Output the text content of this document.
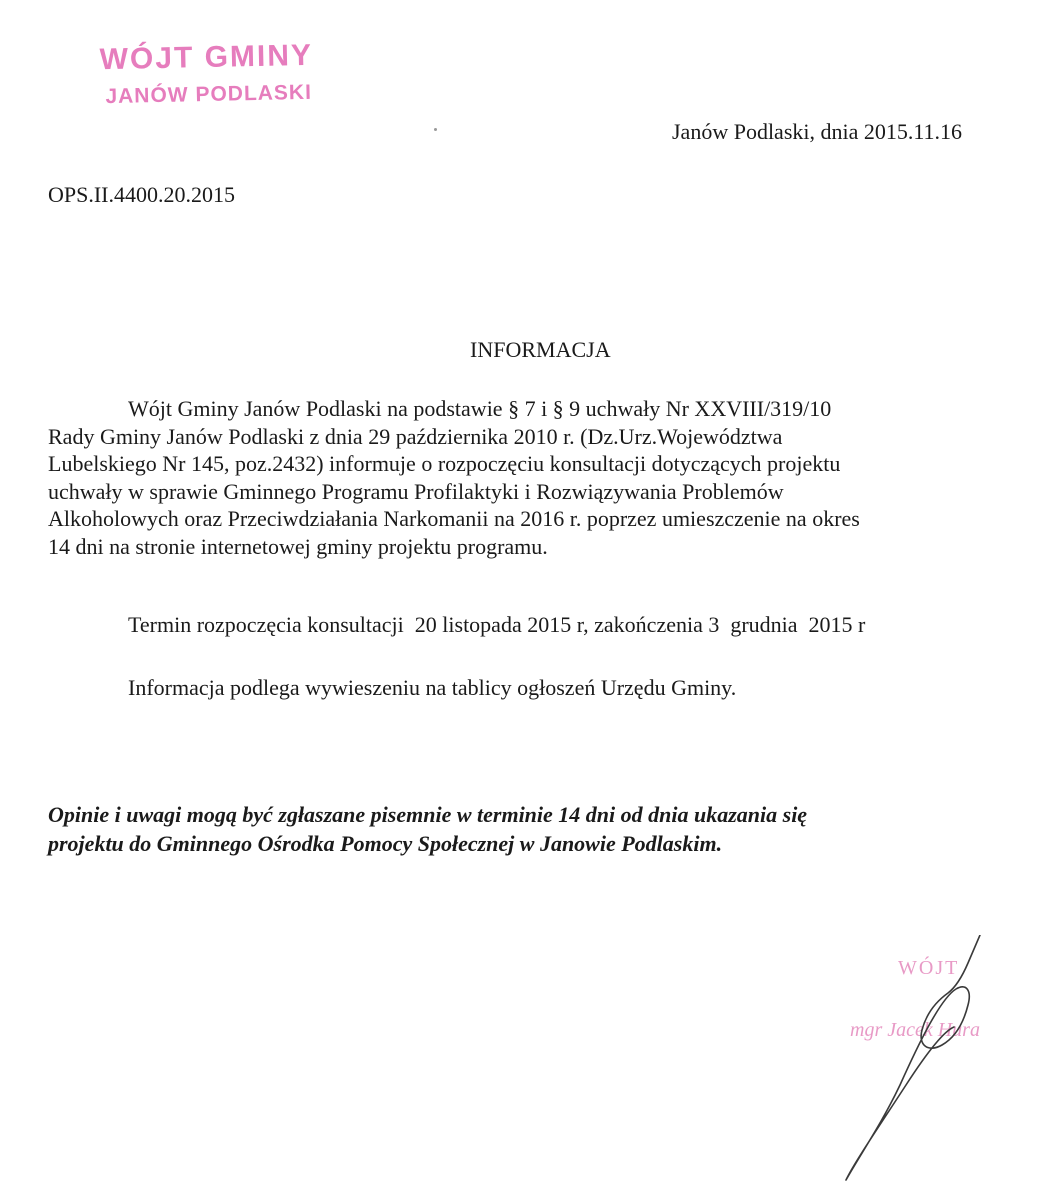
WÓJT GMINY
JANÓW PODLASKI
Janów Podlaski, dnia 2015.11.16
OPS.II.4400.20.2015
INFORMACJA
Wójt Gminy Janów Podlaski na podstawie § 7 i § 9 uchwały Nr XXVIII/319/10
Rady Gminy Janów Podlaski z dnia 29 października 2010 r. (Dz.Urz.Województwa
Lubelskiego Nr 145, poz.2432) informuje o rozpoczęciu konsultacji dotyczących projektu
uchwały w sprawie Gminnego Programu Profilaktyki i Rozwiązywania Problemów
Alkoholowych oraz Przeciwdziałania Narkomanii na 2016 r. poprzez umieszczenie na okres
14 dni na stronie internetowej gminy projektu programu.
Termin rozpoczęcia konsultacji  20 listopada 2015 r, zakończenia 3  grudnia  2015 r
Informacja podlega wywieszeniu na tablicy ogłoszeń Urzędu Gminy.
Opinie i uwagi mogą być zgłaszane pisemnie w terminie 14 dni od dnia ukazania się
projektu do Gminnego Ośrodka Pomocy Społecznej w Janowie Podlaskim.
WÓJT
mgr Jacek Hura
